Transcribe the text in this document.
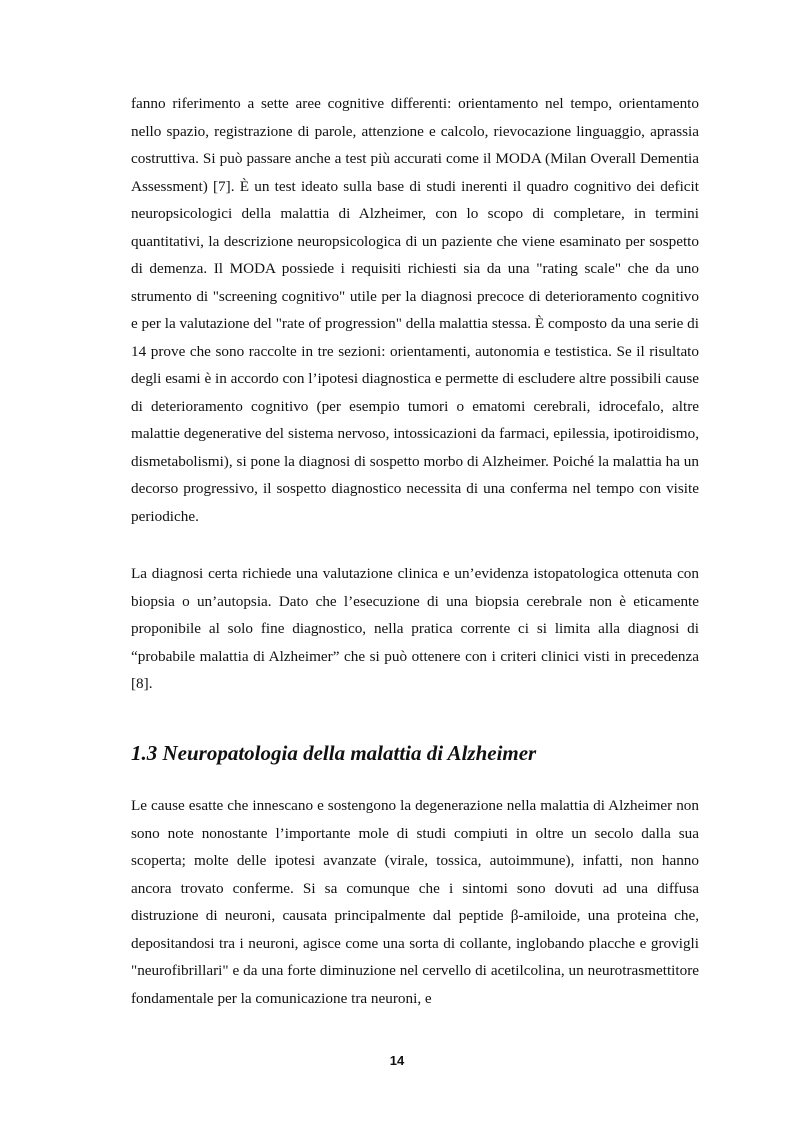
fanno riferimento a sette aree cognitive differenti: orientamento nel tempo, orientamento nello spazio, registrazione di parole, attenzione e calcolo, rievocazione linguaggio, aprassia costruttiva. Si può passare anche a test più accurati come il MODA (Milan Overall Dementia Assessment) [7]. È un test ideato sulla base di studi inerenti il quadro cognitivo dei deficit neuropsicologici della malattia di Alzheimer, con lo scopo di completare, in termini quantitativi, la descrizione neuropsicologica di un paziente che viene esaminato per sospetto di demenza. Il MODA possiede i requisiti richiesti sia da una "rating scale" che da uno strumento di "screening cognitivo" utile per la diagnosi precoce di deterioramento cognitivo e per la valutazione del "rate of progression" della malattia stessa. È composto da una serie di 14 prove che sono raccolte in tre sezioni: orientamenti, autonomia e testistica. Se il risultato degli esami è in accordo con l’ipotesi diagnostica e permette di escludere altre possibili cause di deterioramento cognitivo (per esempio tumori o ematomi cerebrali, idrocefalo, altre malattie degenerative del sistema nervoso, intossicazioni da farmaci, epilessia, ipotiroidismo, dismetabolismi), si pone la diagnosi di sospetto morbo di Alzheimer. Poiché la malattia ha un decorso progressivo, il sospetto diagnostico necessita di una conferma nel tempo con visite periodiche.

La diagnosi certa richiede una valutazione clinica e un’evidenza istopatologica ottenuta con biopsia o un’autopsia. Dato che l’esecuzione di una biopsia cerebrale non è eticamente proponibile al solo fine diagnostico, nella pratica corrente ci si limita alla diagnosi di “probabile malattia di Alzheimer” che si può ottenere con i criteri clinici visti in precedenza [8].

1.3 Neuropatologia della malattia di Alzheimer

Le cause esatte che innescano e sostengono la degenerazione nella malattia di Alzheimer non sono note nonostante l’importante mole di studi compiuti in oltre un secolo dalla sua scoperta; molte delle ipotesi avanzate (virale, tossica, autoimmune), infatti, non hanno ancora trovato conferme. Si sa comunque che i sintomi sono dovuti ad una diffusa distruzione di neuroni, causata principalmente dal peptide β-amiloide, una proteina che, depositandosi tra i neuroni, agisce come una sorta di collante, inglobando placche e grovigli "neurofibrillari" e da una forte diminuzione nel cervello di acetilcolina, un neurotrasmettitore fondamentale per la comunicazione tra neuroni, e

14
